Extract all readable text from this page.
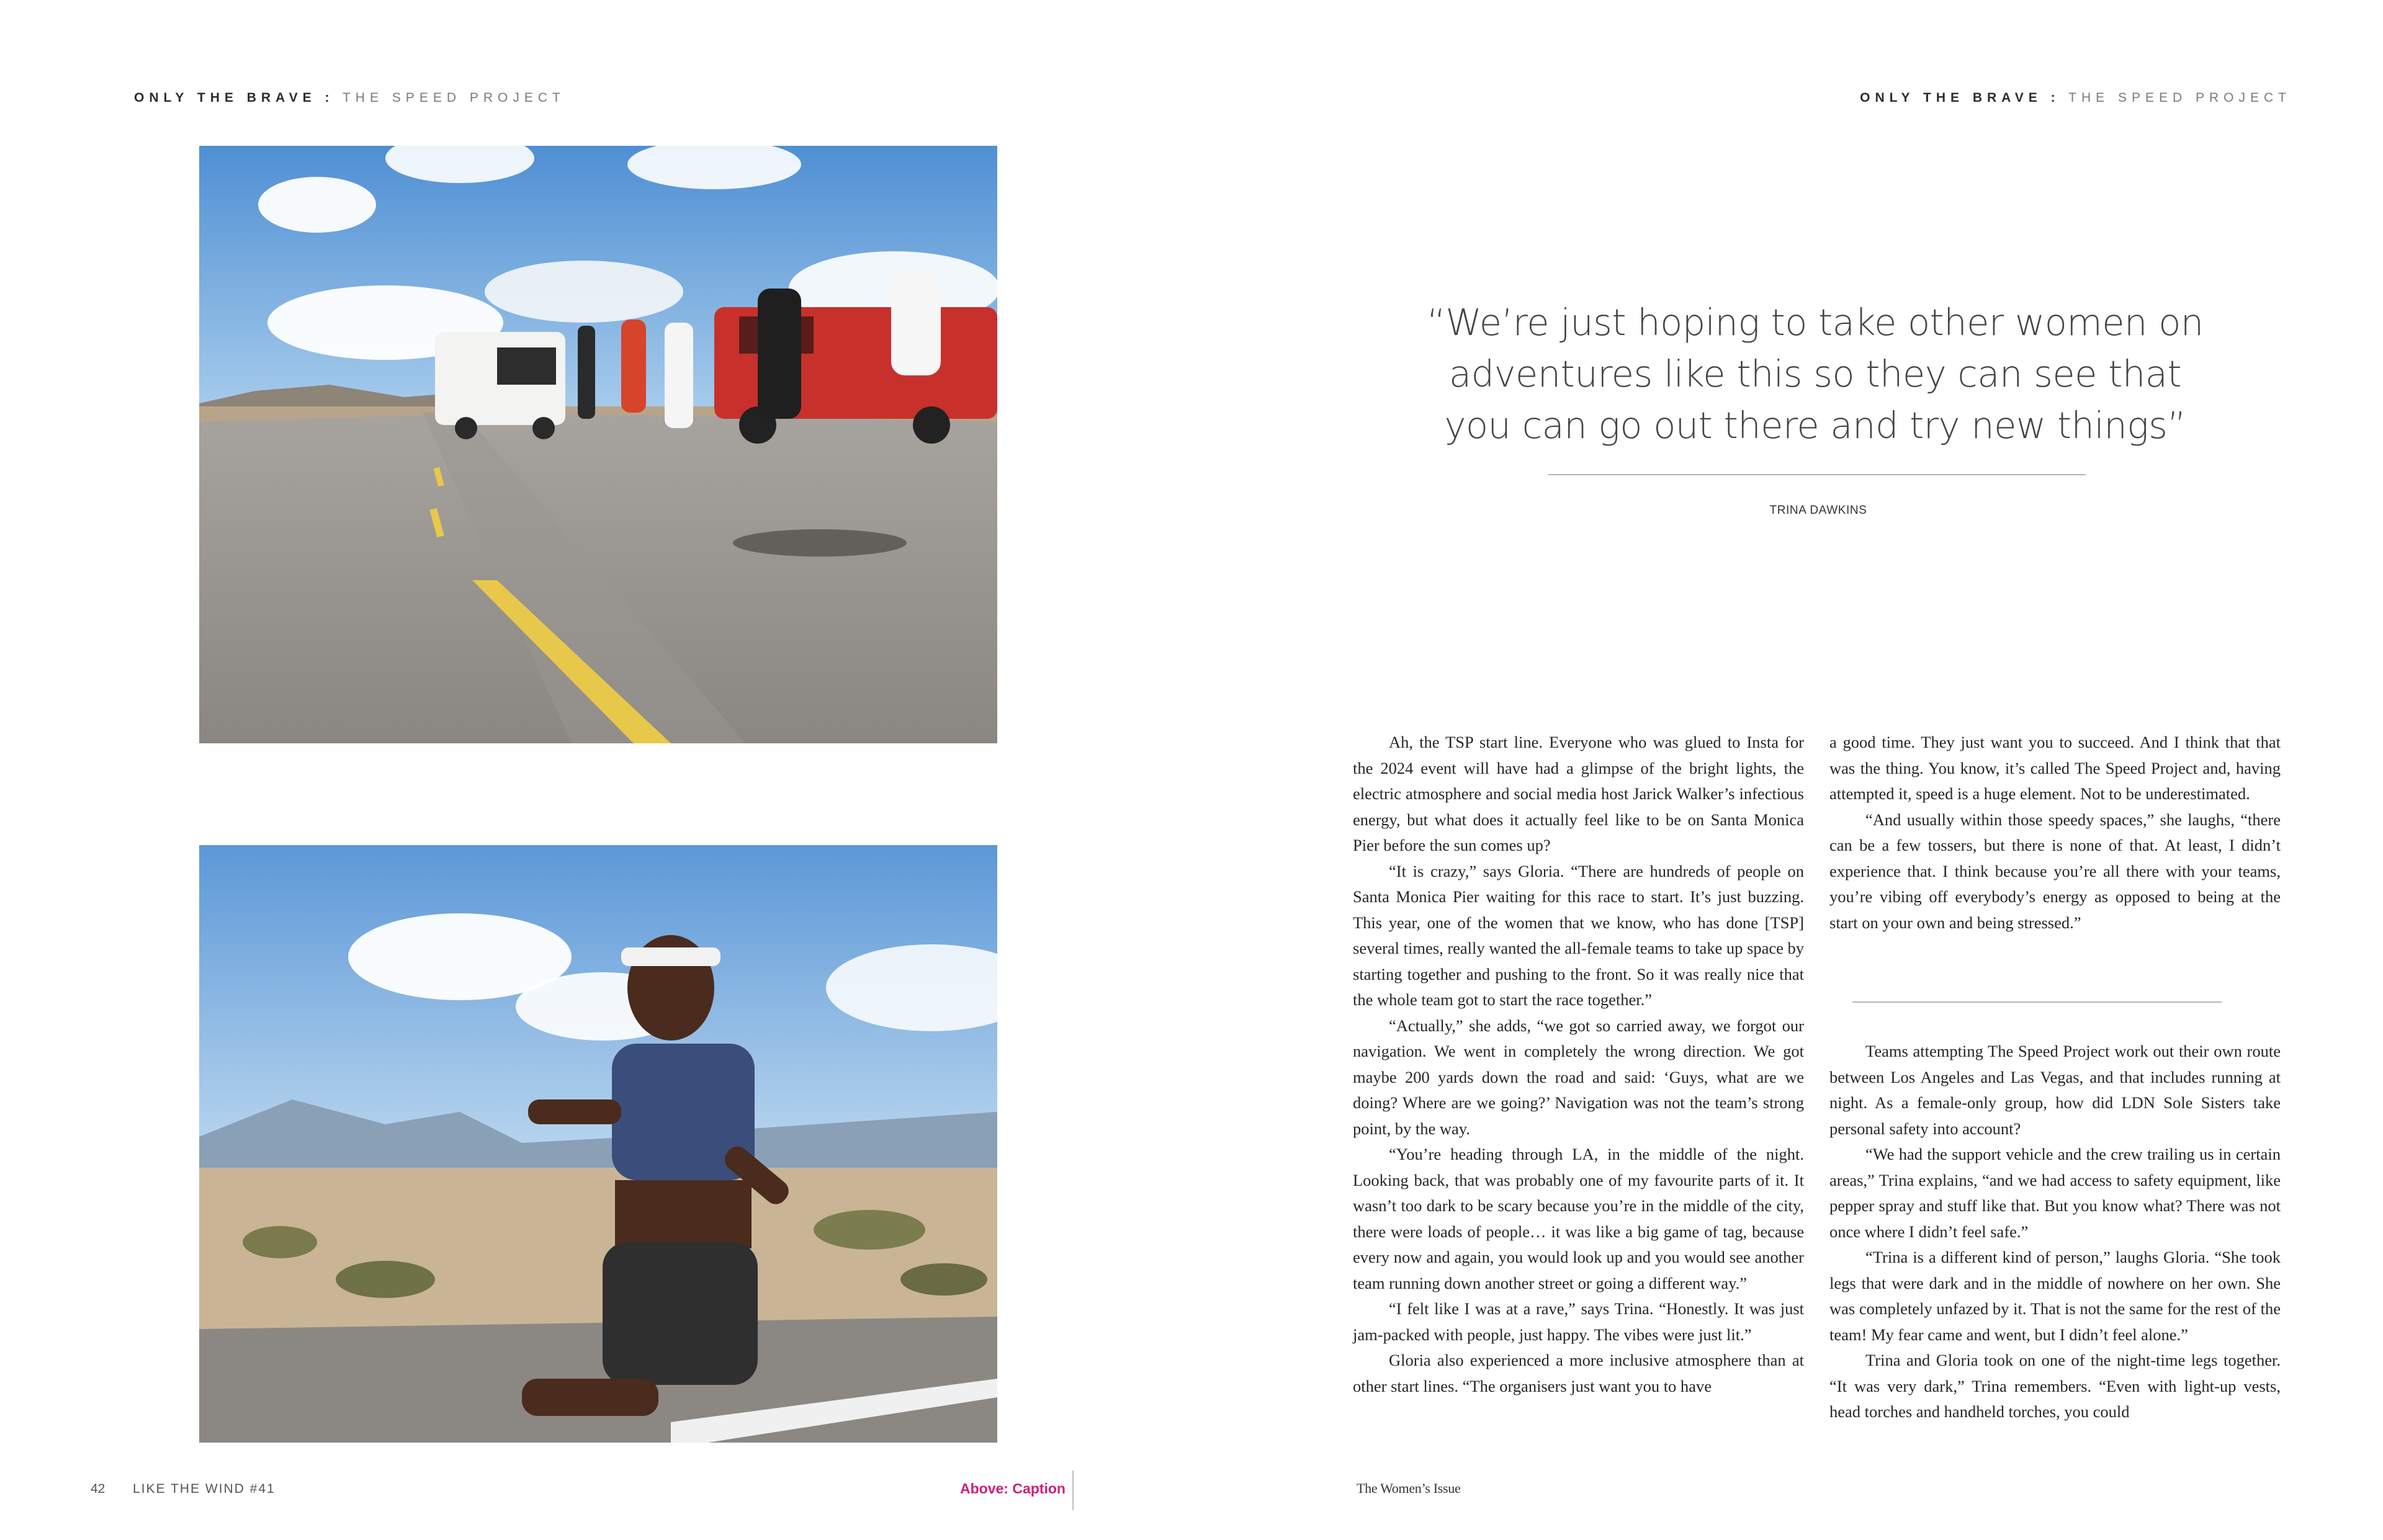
ONLY THE BRAVE : THE SPEED PROJECT	ONLY THE BRAVE : THE SPEED PROJECT
“We’re just hoping to take other women on
adventures like this so they can see that
you can go out there and try new things”
TRINA DAWKINS

Ah, the TSP start line. Everyone who was glued to Insta for the 2024 event will have had a glimpse of the bright lights, the electric atmosphere and social media host Jarick Walker’s infectious energy, but what does it actually feel like to be on Santa Monica Pier before the sun comes up?

“It is crazy,” says Gloria. “There are hundreds of people on Santa Monica Pier waiting for this race to start. It’s just buzzing. This year, one of the women that we know, who has done [TSP] several times, really wanted the all-female teams to take up space by starting together and pushing to the front. So it was really nice that the whole team got to start the race together.”

“Actually,” she adds, “we got so carried away, we forgot our navigation. We went in completely the wrong direction. We got maybe 200 yards down the road and said: ‘Guys, what are we doing? Where are we going?’ Navigation was not the team’s strong point, by the way.

“You’re heading through LA, in the middle of the night. Looking back, that was probably one of my favourite parts of it. It wasn’t too dark to be scary because you’re in the middle of the city, there were loads of people… it was like a big game of tag, because every now and again, you would look up and you would see another team running down another street or going a different way.”

“I felt like I was at a rave,” says Trina. “Honestly. It was just jam-packed with people, just happy. The vibes were just lit.”

Gloria also experienced a more inclusive atmosphere than at other start lines. “The organisers just want you to have

a good time. They just want you to succeed. And I think that that was the thing. You know, it’s called The Speed Project and, having attempted it, speed is a huge element. Not to be underestimated.

“And usually within those speedy spaces,” she laughs, “there can be a few tossers, but there is none of that. At least, I didn’t experience that. I think because you’re all there with your teams, you’re vibing off everybody’s energy as opposed to being at the start on your own and being stressed.”

Teams attempting The Speed Project work out their own route between Los Angeles and Las Vegas, and that includes running at night. As a female-only group, how did LDN Sole Sisters take personal safety into account?

“We had the support vehicle and the crew trailing us in certain areas,” Trina explains, “and we had access to safety equipment, like pepper spray and stuff like that. But you know what? There was not once where I didn’t feel safe.”

“Trina is a different kind of person,” laughs Gloria. “She took legs that were dark and in the middle of nowhere on her own. She was completely unfazed by it. That is not the same for the rest of the team! My fear came and went, but I didn’t feel alone.”

Trina and Gloria took on one of the night-time legs together. “It was very dark,” Trina remembers. “Even with light-up vests, head torches and handheld torches, you could

42 LIKE THE WIND #41	Above: Caption	The Women’s Issue
